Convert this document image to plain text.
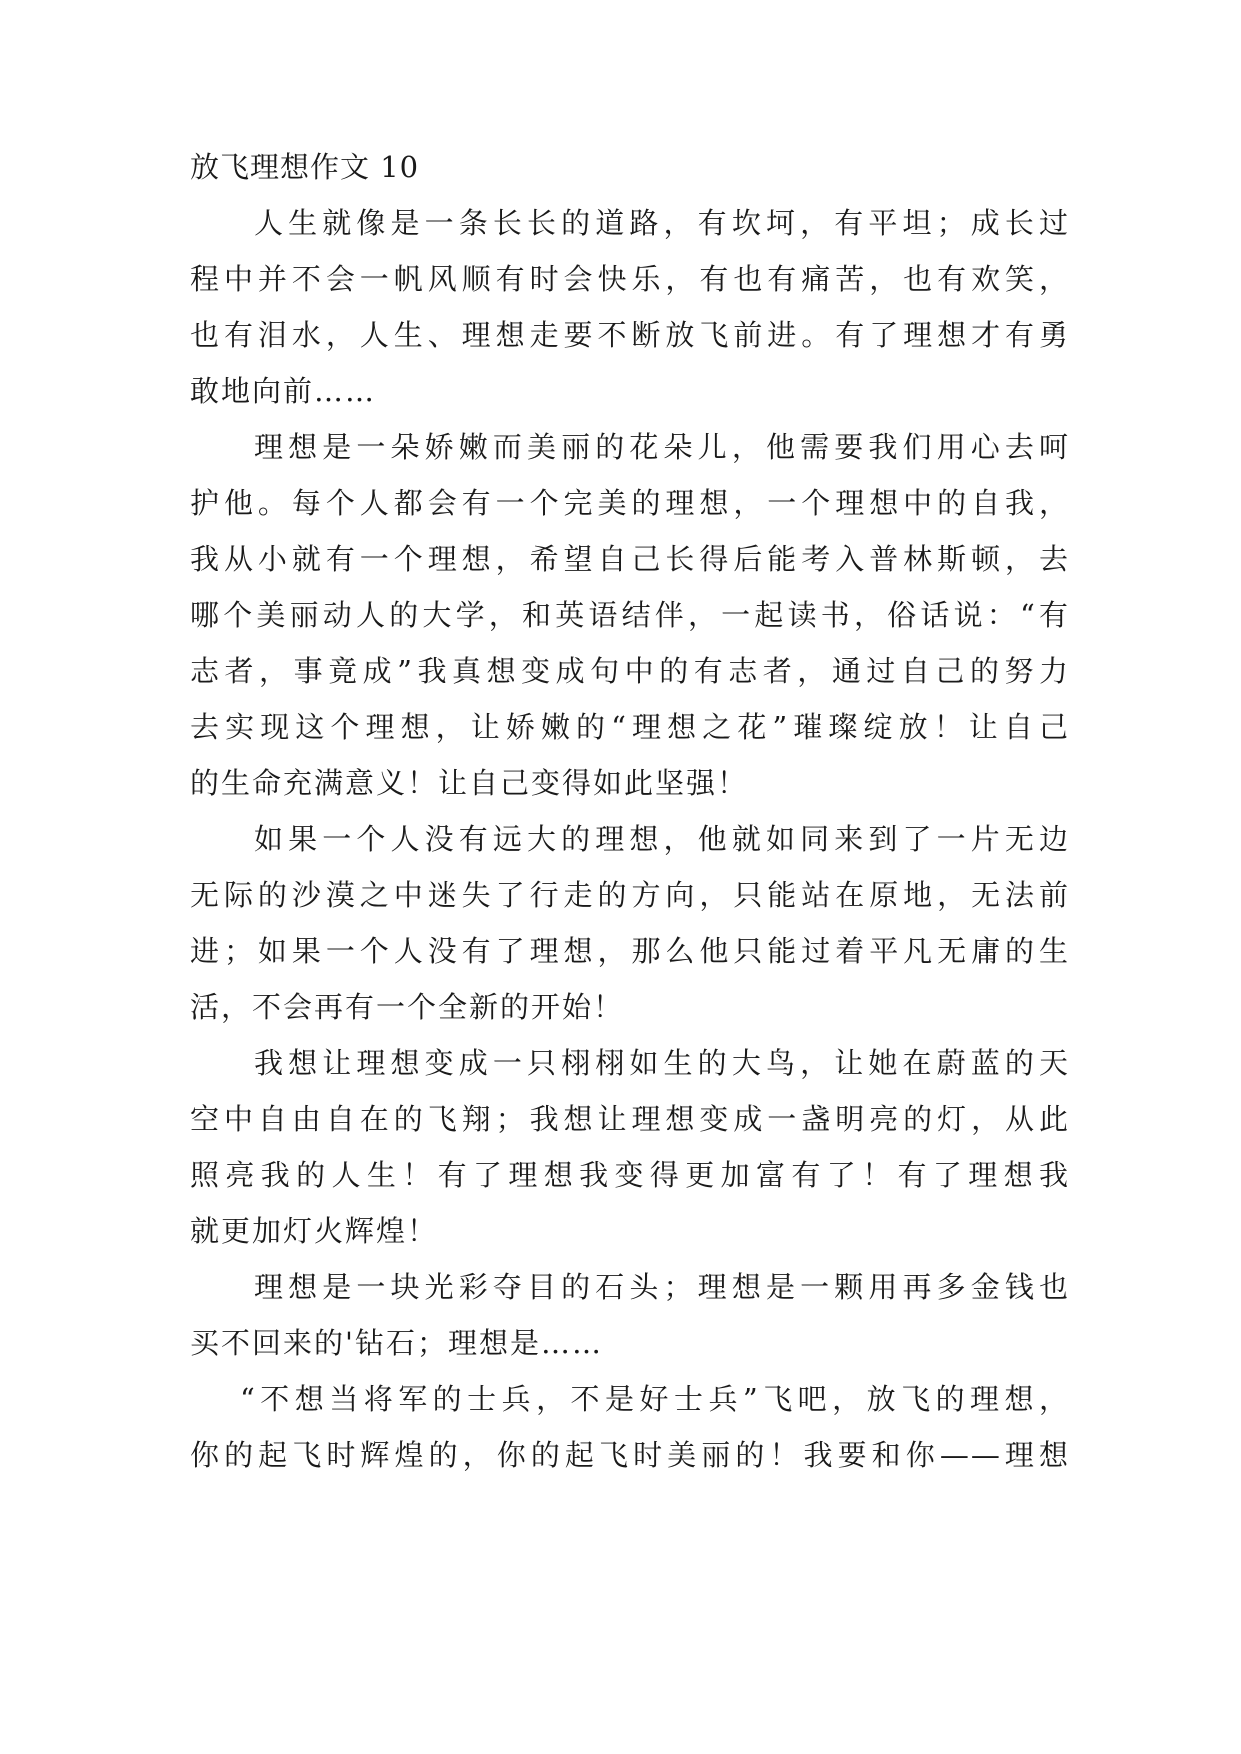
放飞理想作文 10
人生就像是一条长长的道路，有坎坷，有平坦；成长过
程中并不会一帆风顺有时会快乐，有也有痛苦，也有欢笑，
也有泪水，人生、理想走要不断放飞前进。有了理想才有勇
敢地向前……
理想是一朵娇嫩而美丽的花朵儿，他需要我们用心去呵
护他。每个人都会有一个完美的理想，一个理想中的自我，
我从小就有一个理想，希望自己长得后能考入普林斯顿，去
哪个美丽动人的大学，和英语结伴，一起读书，俗话说：“有
志者，事竟成”我真想变成句中的有志者，通过自己的努力
去实现这个理想，让娇嫩的“理想之花”璀璨绽放！让自己
的生命充满意义！让自己变得如此坚强！
如果一个人没有远大的理想，他就如同来到了一片无边
无际的沙漠之中迷失了行走的方向，只能站在原地，无法前
进；如果一个人没有了理想，那么他只能过着平凡无庸的生
活，不会再有一个全新的开始！
我想让理想变成一只栩栩如生的大鸟，让她在蔚蓝的天
空中自由自在的飞翔；我想让理想变成一盏明亮的灯，从此
照亮我的人生！有了理想我变得更加富有了！有了理想我
就更加灯火辉煌！
理想是一块光彩夺目的石头；理想是一颗用再多金钱也
买不回来的'钻石；理想是……
“不想当将军的士兵，不是好士兵”飞吧，放飞的理想，
你的起飞时辉煌的，你的起飞时美丽的！我要和你——理想
